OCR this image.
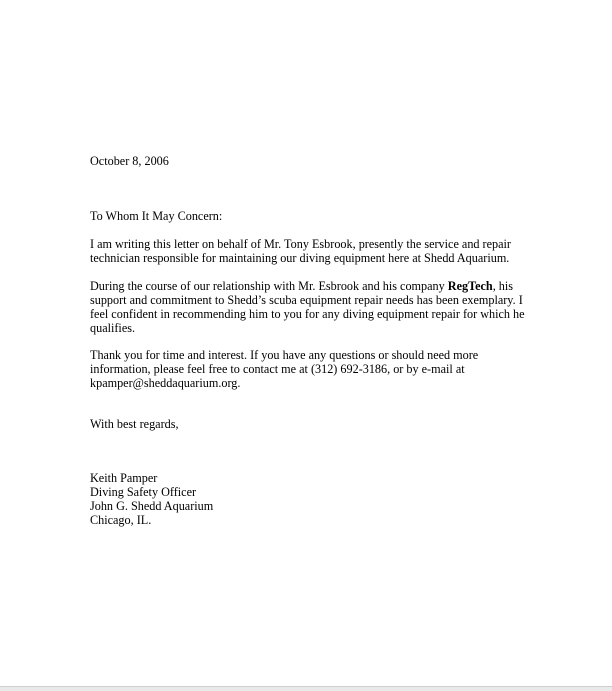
October 8, 2006

To Whom It May Concern:

I am writing this letter on behalf of Mr. Tony Esbrook, presently the service and repair technician responsible for maintaining our diving equipment here at Shedd Aquarium.

During the course of our relationship with Mr. Esbrook and his company RegTech, his support and commitment to Shedd’s scuba equipment repair needs has been exemplary. I feel confident in recommending him to you for any diving equipment repair for which he qualifies.

Thank you for time and interest. If you have any questions or should need more information, please feel free to contact me at (312) 692-3186, or by e-mail at kpamper@sheddaquarium.org.

With best regards,

Keith Pamper
Diving Safety Officer
John G. Shedd Aquarium
Chicago, IL.
